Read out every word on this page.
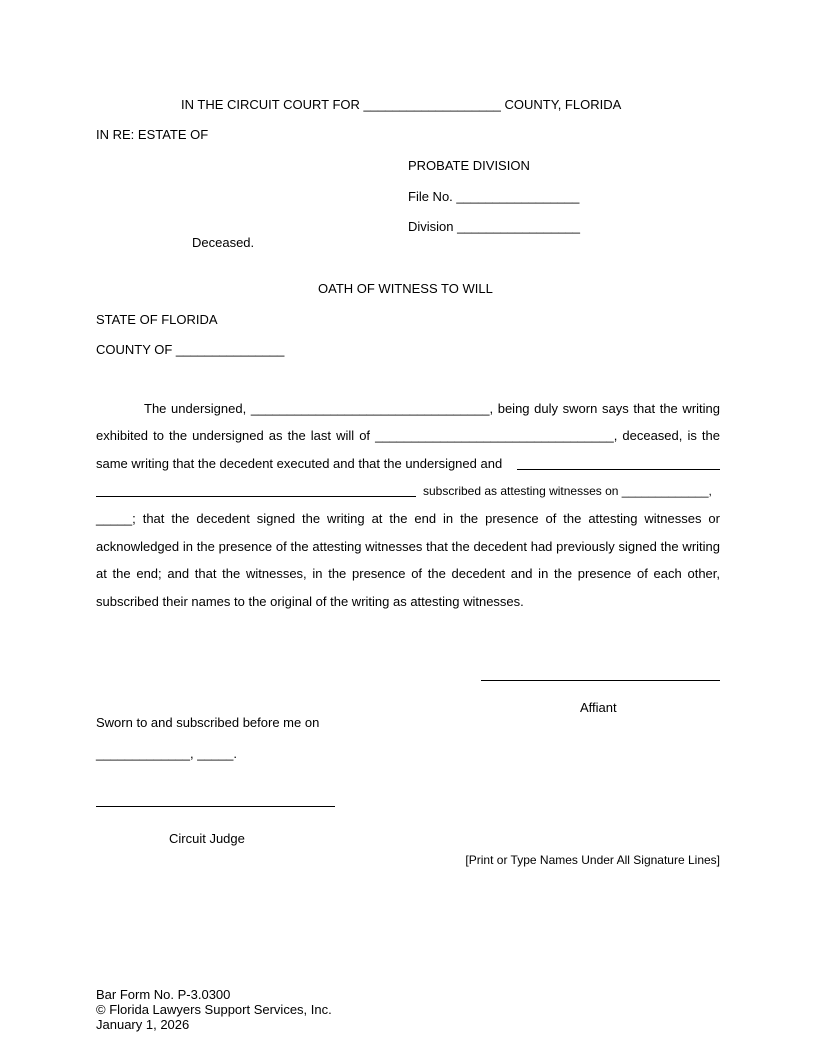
IN THE CIRCUIT COURT FOR ___________________ COUNTY, FLORIDA
IN RE: ESTATE OF
PROBATE DIVISION
File No. _________________
Division _________________
Deceased.
OATH OF WITNESS TO WILL
STATE OF FLORIDA
COUNTY OF _______________
The undersigned, _________________________________, being duly sworn says that the writing
exhibited to the undersigned as the last will of _________________________________, deceased, is the
same writing that the decedent executed and that the undersigned and
subscribed as attesting witnesses on _____________,
_____; that the decedent signed the writing at the end in the presence of the attesting witnesses or
acknowledged in the presence of the attesting witnesses that the decedent had previously signed the writing
at the end; and that the witnesses, in the presence of the decedent and in the presence of each other,
subscribed their names to the original of the writing as attesting witnesses.
Affiant
Sworn to and subscribed before me on
_____________, _____.
Circuit Judge
[Print or Type Names Under All Signature Lines]
Bar Form No. P-3.0300
© Florida Lawyers Support Services, Inc.
January 1, 2026
